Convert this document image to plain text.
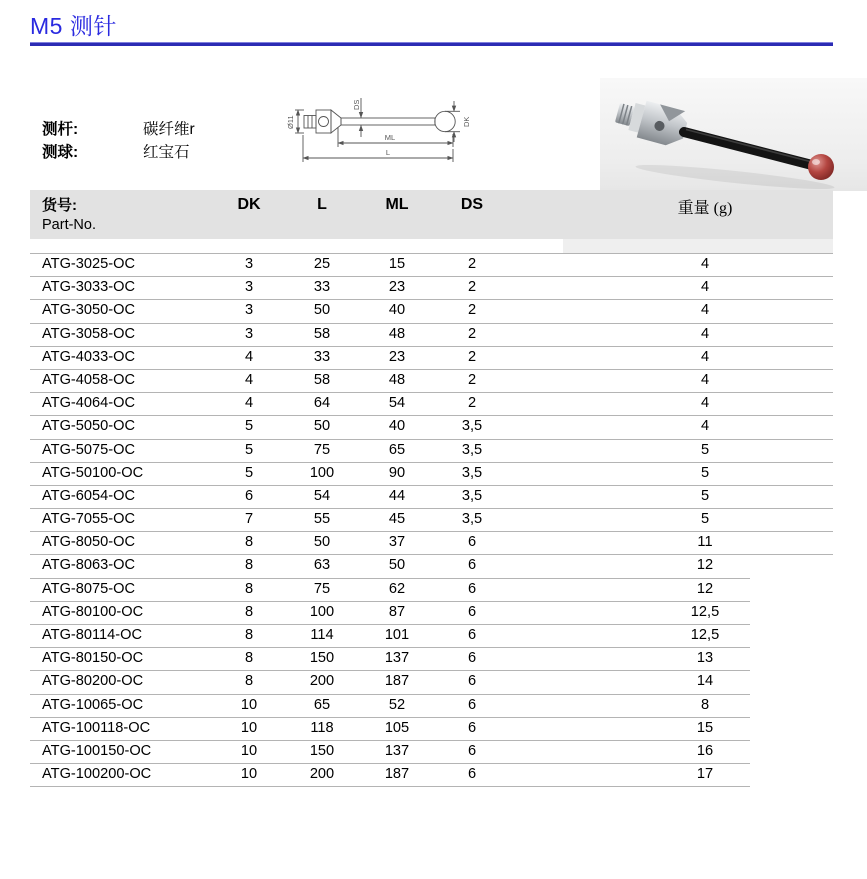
M5 测针
测杆:	碳纤维r
测球:	红宝石
Ø11
DS
DK
ML
L
货号:
Part-No.
DK	L	ML	DS	重量 (g)
ATG-3025-OC	3	25	15	2	4
ATG-3033-OC	3	33	23	2	4
ATG-3050-OC	3	50	40	2	4
ATG-3058-OC	3	58	48	2	4
ATG-4033-OC	4	33	23	2	4
ATG-4058-OC	4	58	48	2	4
ATG-4064-OC	4	64	54	2	4
ATG-5050-OC	5	50	40	3,5	4
ATG-5075-OC	5	75	65	3,5	5
ATG-50100-OC	5	100	90	3,5	5
ATG-6054-OC	6	54	44	3,5	5
ATG-7055-OC	7	55	45	3,5	5
ATG-8050-OC	8	50	37	6	11
ATG-8063-OC	8	63	50	6	12
ATG-8075-OC	8	75	62	6	12
ATG-80100-OC	8	100	87	6	12,5
ATG-80114-OC	8	114	101	6	12,5
ATG-80150-OC	8	150	137	6	13
ATG-80200-OC	8	200	187	6	14
ATG-10065-OC	10	65	52	6	8
ATG-100118-OC	10	118	105	6	15
ATG-100150-OC	10	150	137	6	16
ATG-100200-OC	10	200	187	6	17
